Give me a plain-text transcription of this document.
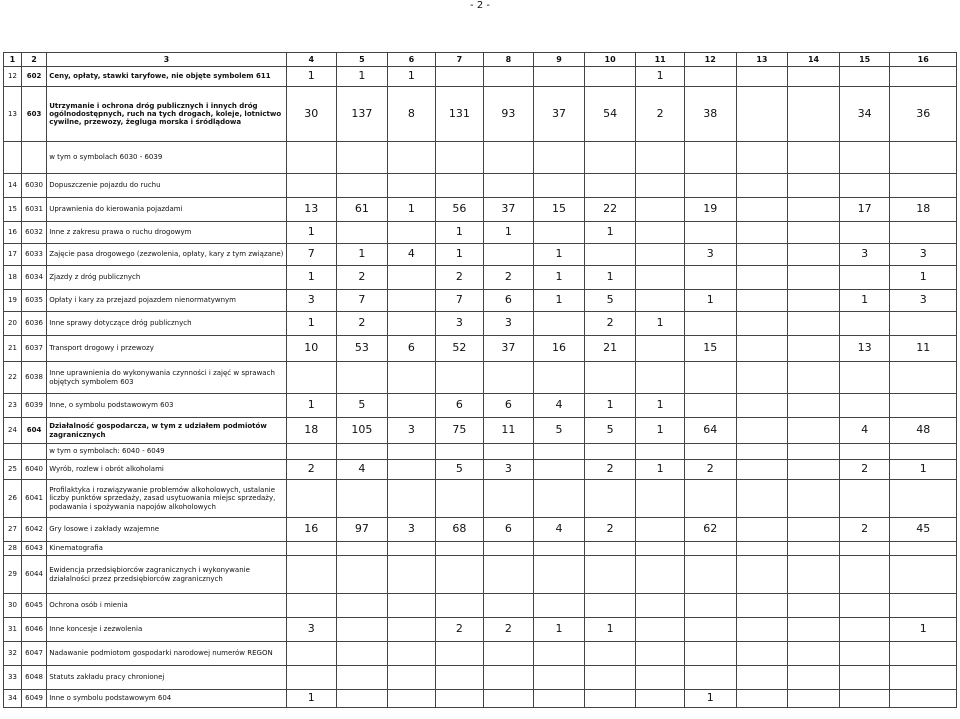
- 2 -
1	2	3	4	5	6	7	8	9	10	11	12	13	14	15	16
12	602	Ceny, opłaty, stawki taryfowe, nie objęte symbolem 611	1	1	1					1					
13	603	Utrzymanie i ochrona dróg publicznych i innych dróg ogólnodostępnych, ruch na tych drogach, koleje, lotnictwo cywilne, przewozy, żegluga morska i śródlądowa	30	137	8	131	93	37	54	2	38			34	36
		w tym o symbolach 6030 - 6039													
14	6030	Dopuszczenie pojazdu do ruchu													
15	6031	Uprawnienia do kierowania pojazdami	13	61	1	56	37	15	22		19			17	18
16	6032	Inne z zakresu prawa o ruchu drogowym	1			1	1		1						
17	6033	Zajęcie pasa drogowego (zezwolenia, opłaty, kary z tym związane)	7	1	4	1		1			3			3	3
18	6034	Zjazdy z dróg publicznych	1	2		2	2	1	1						1
19	6035	Opłaty i kary za przejazd pojazdem nienormatywnym	3	7		7	6	1	5		1			1	3
20	6036	Inne sprawy dotyczące dróg publicznych	1	2		3	3		2	1					
21	6037	Transport drogowy i przewozy	10	53	6	52	37	16	21		15			13	11
22	6038	Inne uprawnienia do wykonywania czynności i zajęć w sprawach objętych symbolem 603													
23	6039	Inne, o symbolu podstawowym 603	1	5		6	6	4	1	1					
24	604	Działalność gospodarcza, w tym z udziałem podmiotów zagranicznych	18	105	3	75	11	5	5	1	64			4	48
		w tym o symbolach: 6040 - 6049													
25	6040	Wyrób, rozlew i obrót alkoholami	2	4		5	3		2	1	2			2	1
26	6041	Profilaktyka i rozwiązywanie problemów alkoholowych, ustalanie liczby punktów sprzedaży, zasad usytuowania miejsc sprzedaży, podawania i spożywania napojów alkoholowych													
27	6042	Gry losowe i zakłady wzajemne	16	97	3	68	6	4	2		62			2	45
28	6043	Kinematografia													
29	6044	Ewidencja przedsiębiorców zagranicznych i wykonywanie działalności przez przedsiębiorców zagranicznych													
30	6045	Ochrona osób i mienia													
31	6046	Inne koncesje i zezwolenia	3			2	2	1	1						1
32	6047	Nadawanie podmiotom gospodarki narodowej numerów REGON													
33	6048	Statuts zakładu pracy chronionej													
34	6049	Inne o symbolu podstawowym 604	1								1				
